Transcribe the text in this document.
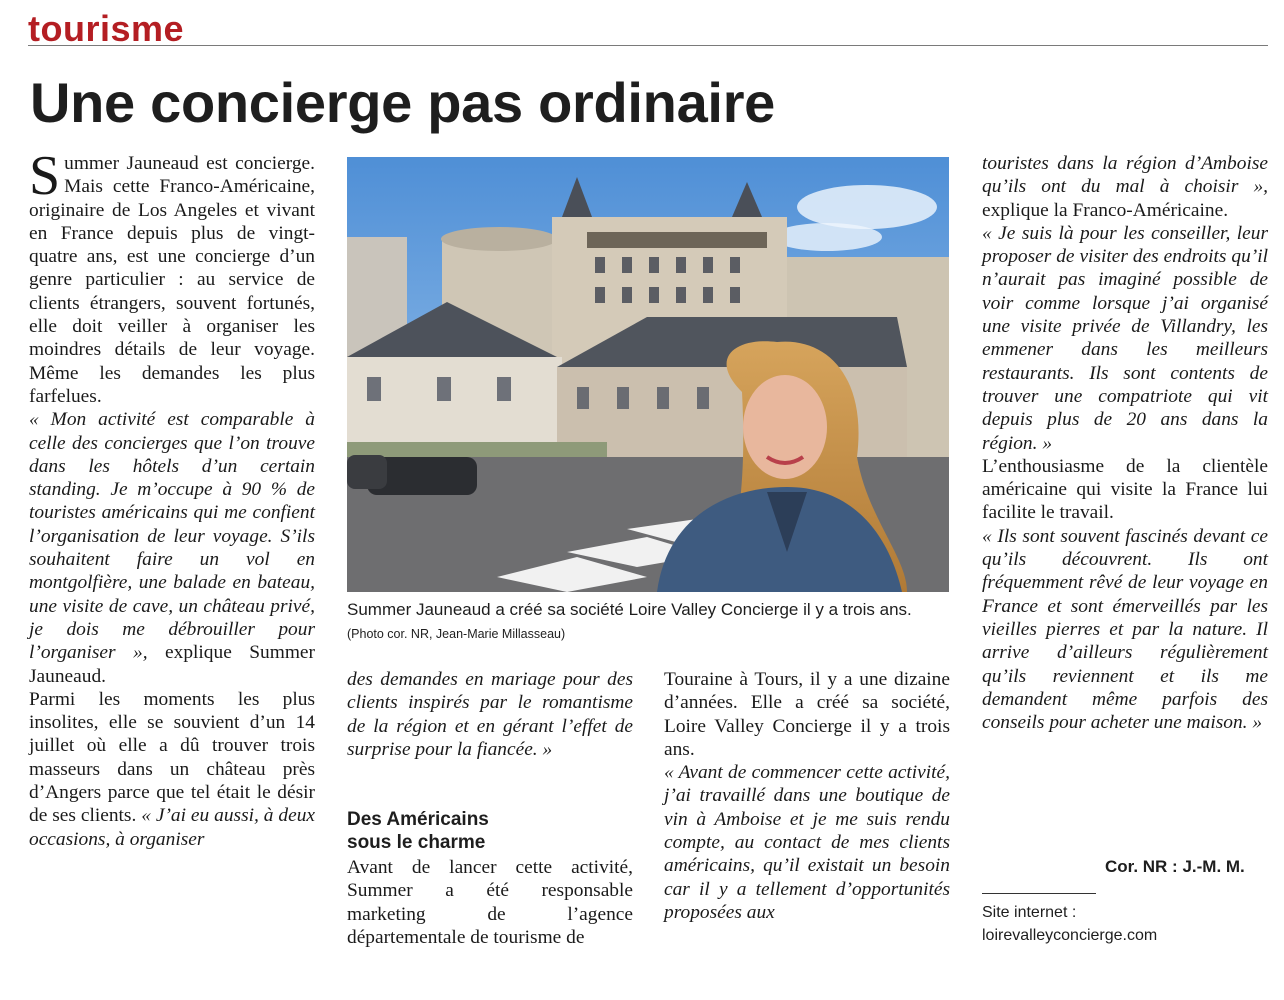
tourisme
Une concierge pas ordinaire
S ummer Jauneaud est concierge. Mais cette Franco-Américaine, originaire de Los Angeles et vivant en France depuis plus de vingt-quatre ans, est une concierge d’un genre particulier : au service de clients étrangers, souvent fortunés, elle doit veiller à organiser les moindres détails de leur voyage. Même les demandes les plus farfelues.

« Mon activité est comparable à celle des concierges que l’on trouve dans les hôtels d’un certain standing. Je m’occupe à 90 % de touristes américains qui me confient l’organisation de leur voyage. S’ils souhaitent faire un vol en montgolfière, une balade en bateau, une visite de cave, un château privé, je dois me débrouiller pour l’organiser », explique Summer Jauneaud.

Parmi les moments les plus insolites, elle se souvient d’un 14 juillet où elle a dû trouver trois masseurs dans un château près d’Angers parce que tel était le désir de ses clients. « J’ai eu aussi, à deux occasions, à organiser

Summer Jauneaud a créé sa société Loire Valley Concierge il y a trois ans. (Photo cor. NR, Jean-Marie Millasseau)

des demandes en mariage pour des clients inspirés par le romantisme de la région et en gérant l’effet de surprise pour la fiancée. »

Des Américains
sous le charme

Avant de lancer cette activité, Summer a été responsable marketing de l’agence départementale de tourisme de

Touraine à Tours, il y a une dizaine d’années. Elle a créé sa société, Loire Valley Concierge il y a trois ans.

« Avant de commencer cette activité, j’ai travaillé dans une boutique de vin à Amboise et je me suis rendu compte, au contact de mes clients américains, qu’il existait un besoin car il y a tellement d’opportunités proposées aux

touristes dans la région d’Amboise qu’ils ont du mal à choisir », explique la Franco-Américaine.

« Je suis là pour les conseiller, leur proposer de visiter des endroits qu’il n’aurait pas imaginé possible de voir comme lorsque j’ai organisé une visite privée de Villandry, les emmener dans les meilleurs restaurants. Ils sont contents de trouver une compatriote qui vit depuis plus de 20 ans dans la région. »

L’enthousiasme de la clientèle américaine qui visite la France lui facilite le travail.

« Ils sont souvent fascinés devant ce qu’ils découvrent. Ils ont fréquemment rêvé de leur voyage en France et sont émerveillés par les vieilles pierres et par la nature. Il arrive d’ailleurs régulièrement qu’ils reviennent et ils me demandent même parfois des conseils pour acheter une maison. »

Cor. NR : J.-M. M.
Site internet :
loirevalleyconcierge.com
